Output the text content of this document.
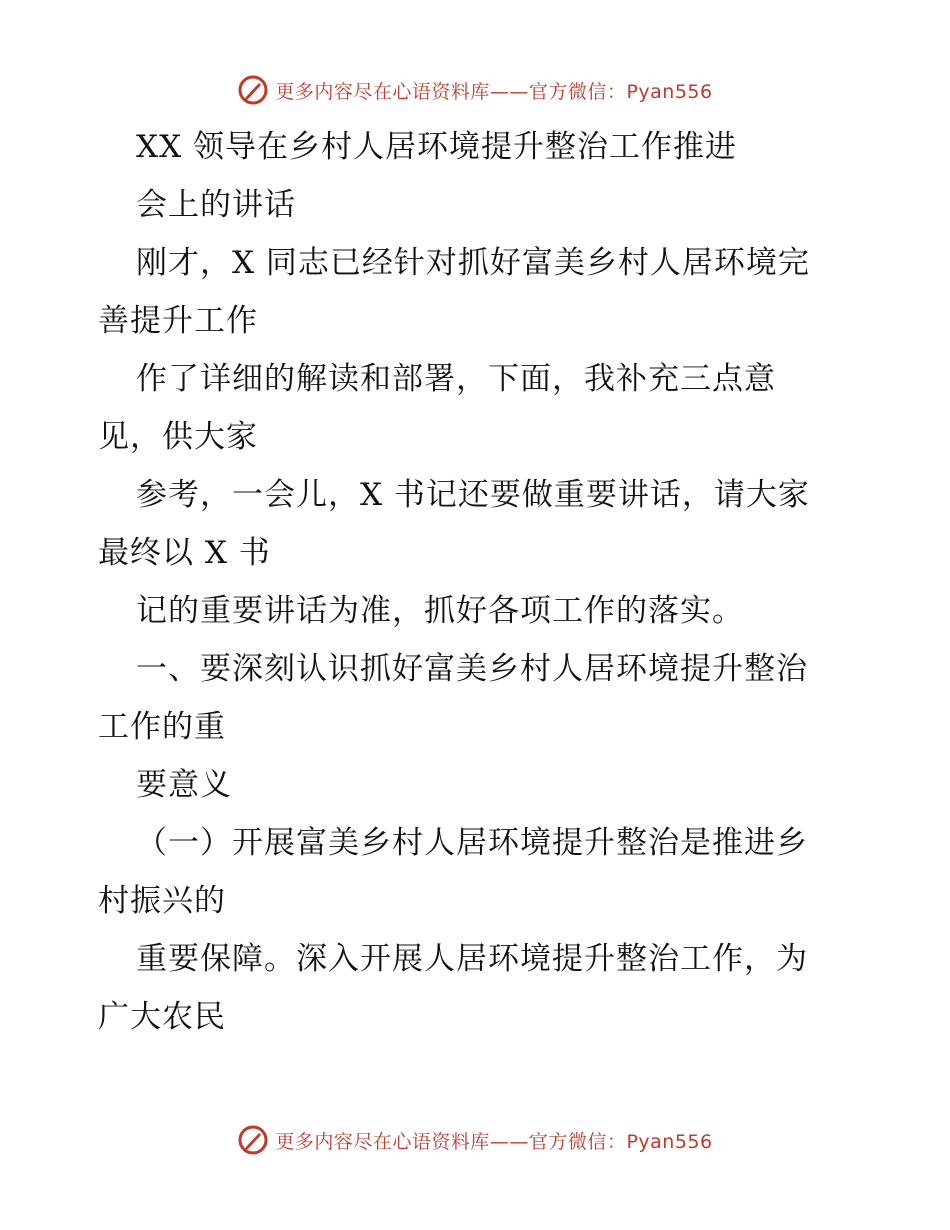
更多内容尽在心语资料库——官方微信：Pyan556
XX 领导在乡村人居环境提升整治工作推进
会上的讲话
刚才，X 同志已经针对抓好富美乡村人居环境完
善提升工作
作了详细的解读和部署，下面，我补充三点意
见，供大家
参考，一会儿，X 书记还要做重要讲话，请大家
最终以 X 书
记的重要讲话为准，抓好各项工作的落实。
一、要深刻认识抓好富美乡村人居环境提升整治
工作的重
要意义
（一）开展富美乡村人居环境提升整治是推进乡
村振兴的
重要保障。深入开展人居环境提升整治工作，为
广大农民
更多内容尽在心语资料库——官方微信：Pyan556
